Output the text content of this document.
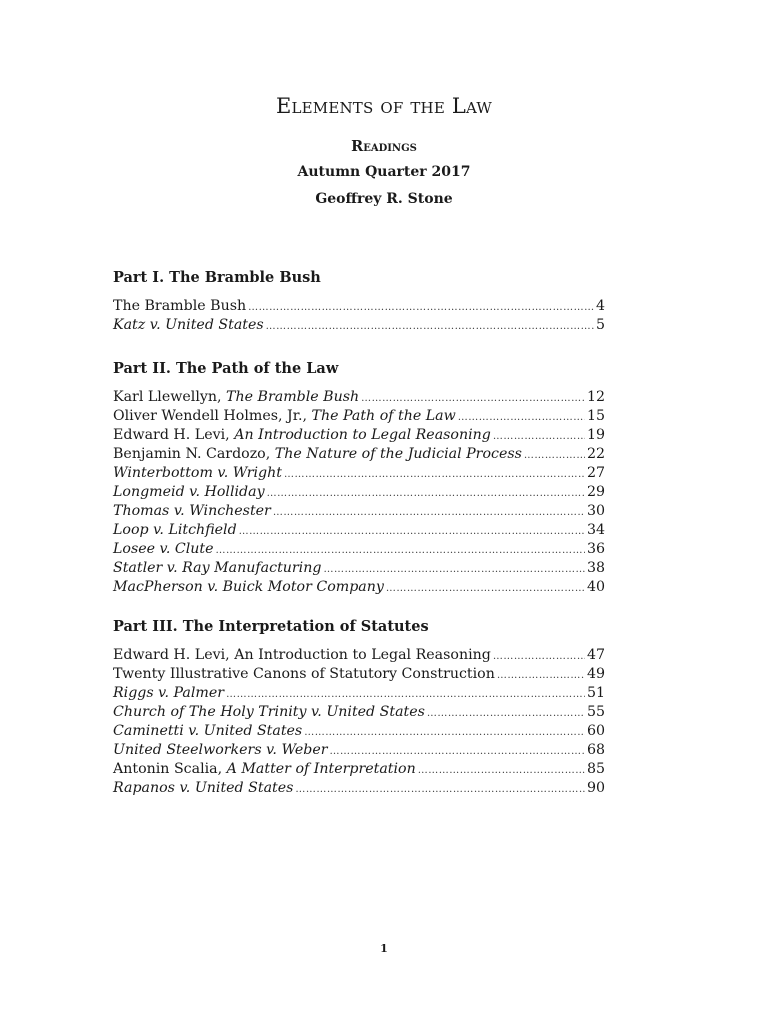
Elements of the Law
Readings
Autumn Quarter 2017
Geoffrey R. Stone
Part I. The Bramble Bush
The Bramble Bush ………………………………………………………………………………………………………………………………………………………………………………	4
Katz v. United States ………………………………………………………………………………………………………………………………………………………………………………	5
Part II. The Path of the Law
Karl Llewellyn, The Bramble Bush ………………………………………………………………………………………………………………………………………………………………………………	12
Oliver Wendell Holmes, Jr., The Path of the Law ………………………………………………………………………………………………………………………………………………………………………………	15
Edward H. Levi, An Introduction to Legal Reasoning ………………………………………………………………………………………………………………………………………………………………………………	19
Benjamin N. Cardozo, The Nature of the Judicial Process ………………………………………………………………………………………………………………………………………………………………………………	22
Winterbottom v. Wright ………………………………………………………………………………………………………………………………………………………………………………	27
Longmeid v. Holliday ………………………………………………………………………………………………………………………………………………………………………………	29
Thomas v. Winchester ………………………………………………………………………………………………………………………………………………………………………………	30
Loop v. Litchfield ………………………………………………………………………………………………………………………………………………………………………………	34
Losee v. Clute ………………………………………………………………………………………………………………………………………………………………………………	36
Statler v. Ray Manufacturing ………………………………………………………………………………………………………………………………………………………………………………	38
MacPherson v. Buick Motor Company ………………………………………………………………………………………………………………………………………………………………………………	40
Part III. The Interpretation of Statutes
Edward H. Levi, An Introduction to Legal Reasoning ………………………………………………………………………………………………………………………………………………………………………………	47
Twenty Illustrative Canons of Statutory Construction ………………………………………………………………………………………………………………………………………………………………………………	49
Riggs v. Palmer ………………………………………………………………………………………………………………………………………………………………………………	51
Church of The Holy Trinity v. United States ………………………………………………………………………………………………………………………………………………………………………………	55
Caminetti v. United States ………………………………………………………………………………………………………………………………………………………………………………	60
United Steelworkers v. Weber ………………………………………………………………………………………………………………………………………………………………………………	68
Antonin Scalia, A Matter of Interpretation ………………………………………………………………………………………………………………………………………………………………………………	85
Rapanos v. United States ………………………………………………………………………………………………………………………………………………………………………………	90
1
